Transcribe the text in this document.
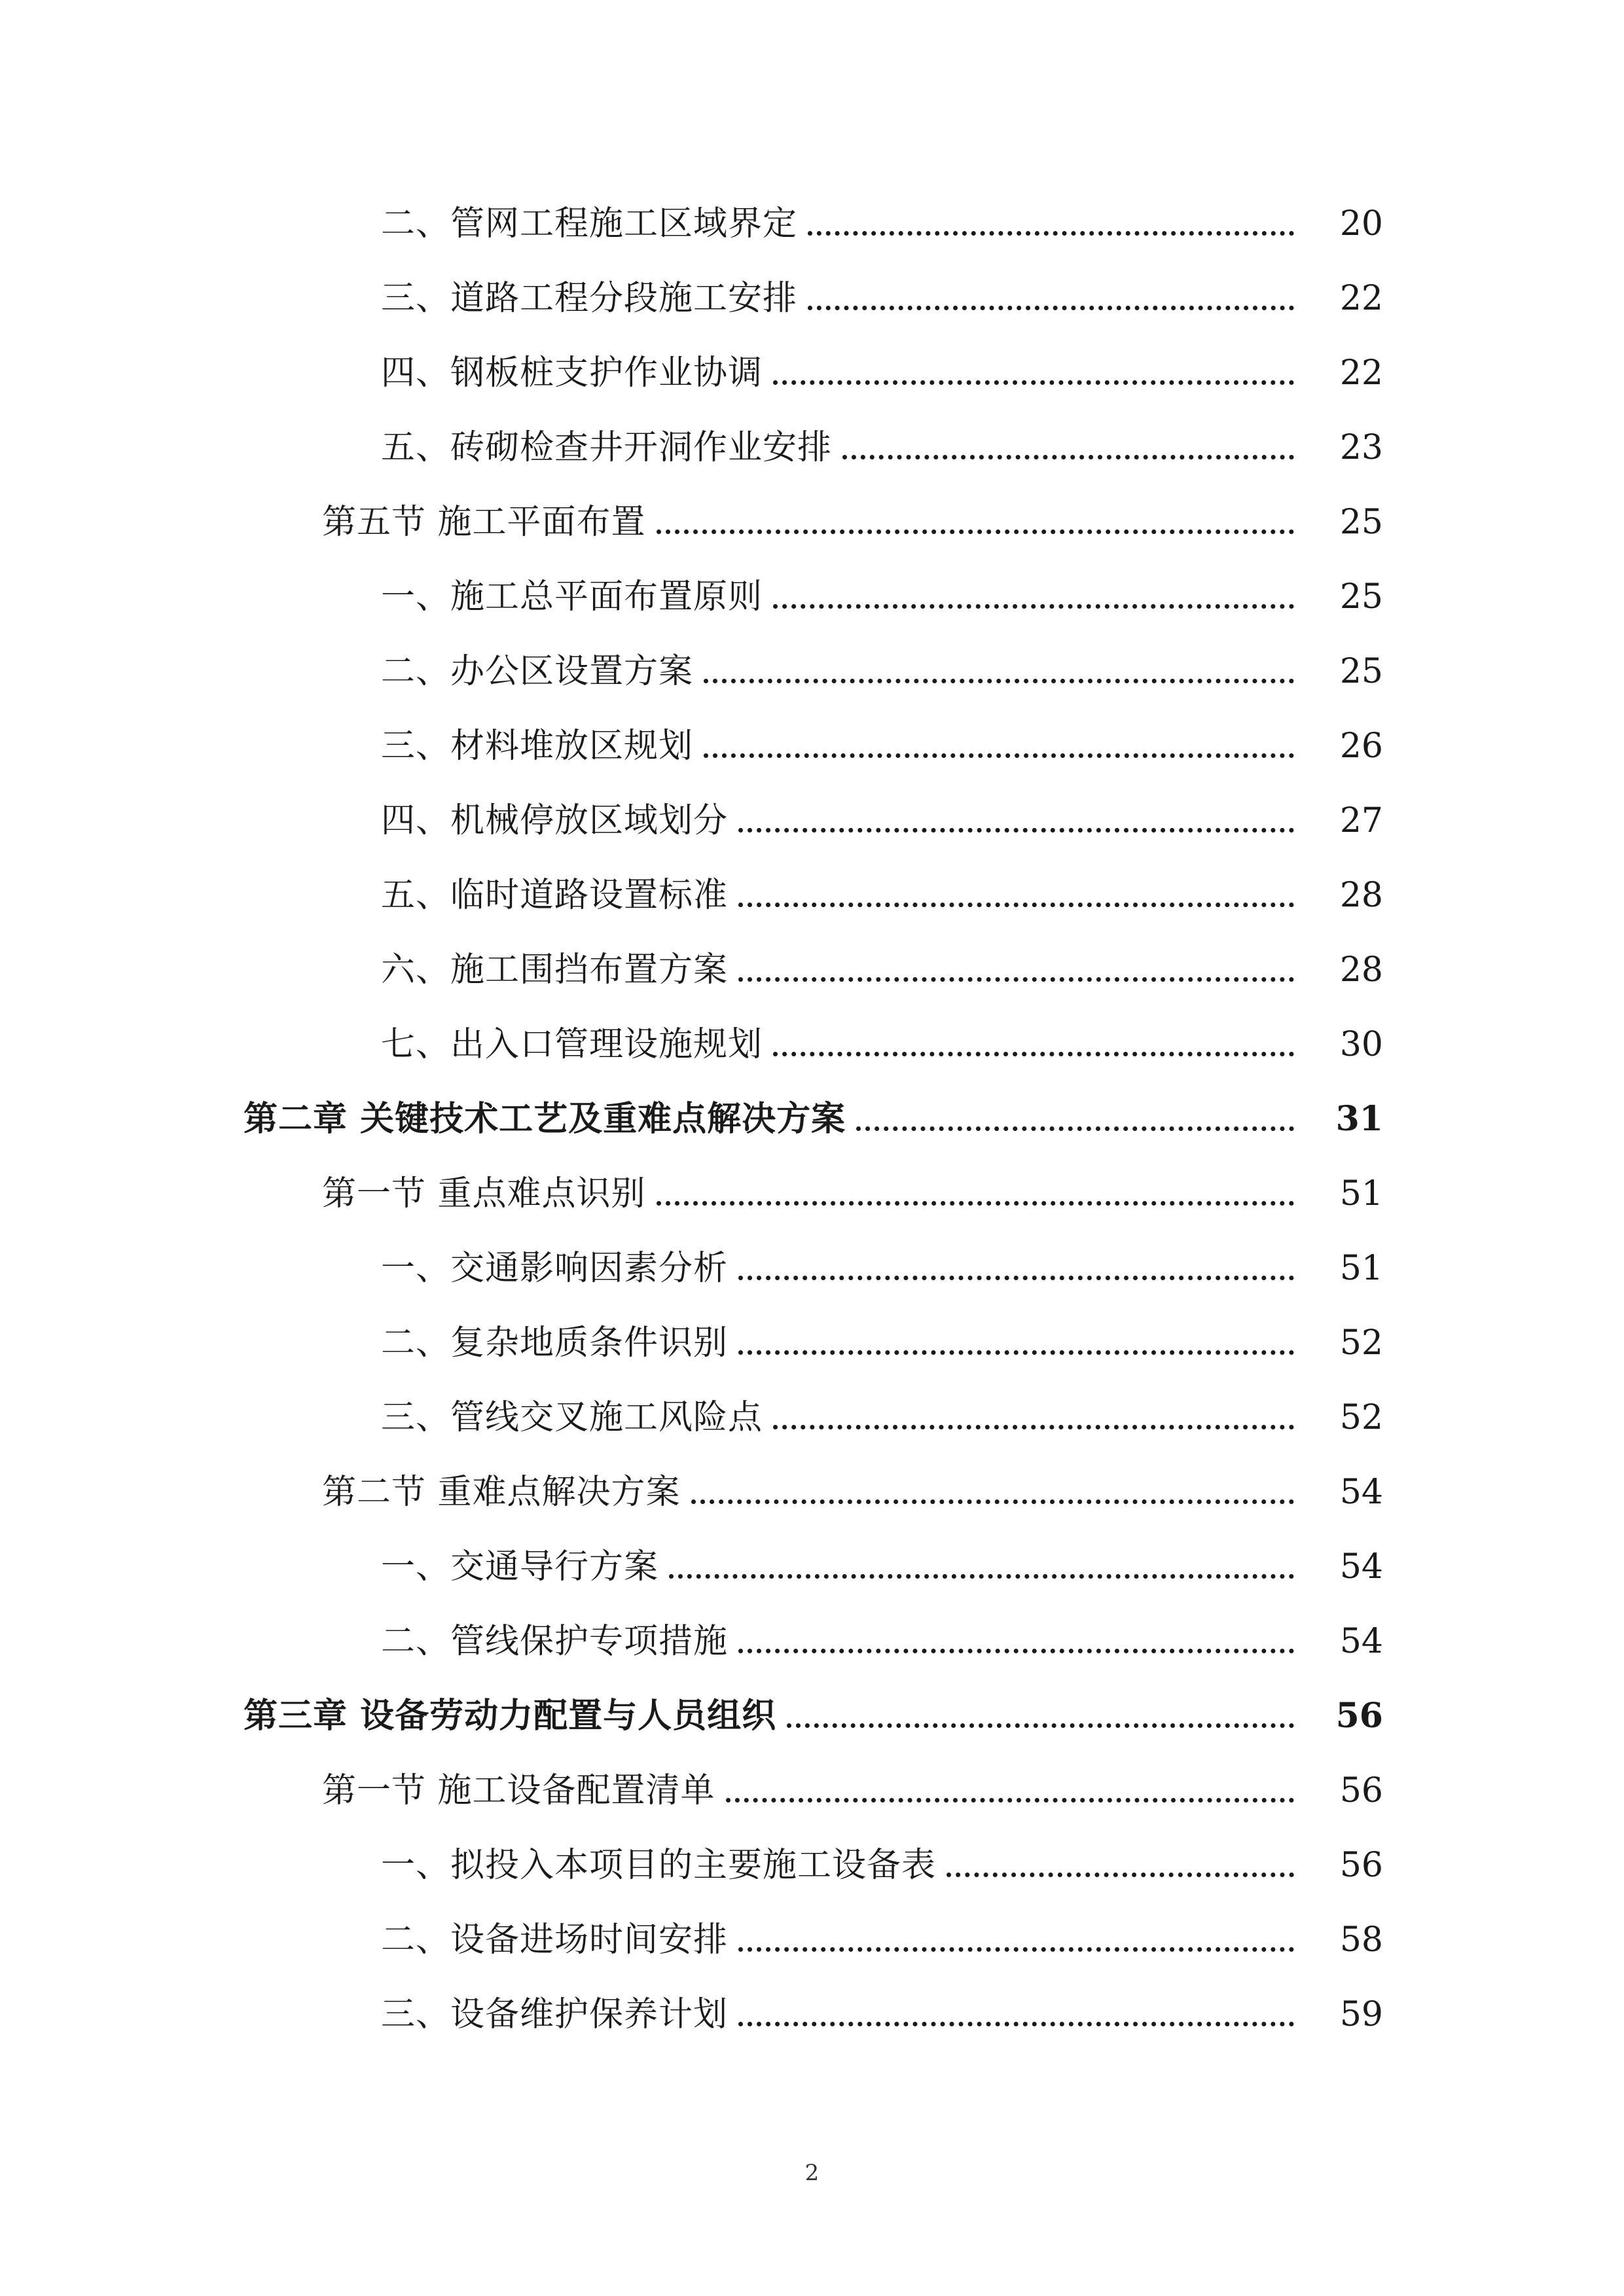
二、管网工程施工区域界定	20
三、道路工程分段施工安排	22
四、钢板桩支护作业协调	22
五、砖砌检查井开洞作业安排	23
第五节 施工平面布置	25
一、施工总平面布置原则	25
二、办公区设置方案	25
三、材料堆放区规划	26
四、机械停放区域划分	27
五、临时道路设置标准	28
六、施工围挡布置方案	28
七、出入口管理设施规划	30
第二章 关键技术工艺及重难点解决方案	31
第一节 重点难点识别	51
一、交通影响因素分析	51
二、复杂地质条件识别	52
三、管线交叉施工风险点	52
第二节 重难点解决方案	54
一、交通导行方案	54
二、管线保护专项措施	54
第三章 设备劳动力配置与人员组织	56
第一节 施工设备配置清单	56
一、拟投入本项目的主要施工设备表	56
二、设备进场时间安排	58
三、设备维护保养计划	59
2
